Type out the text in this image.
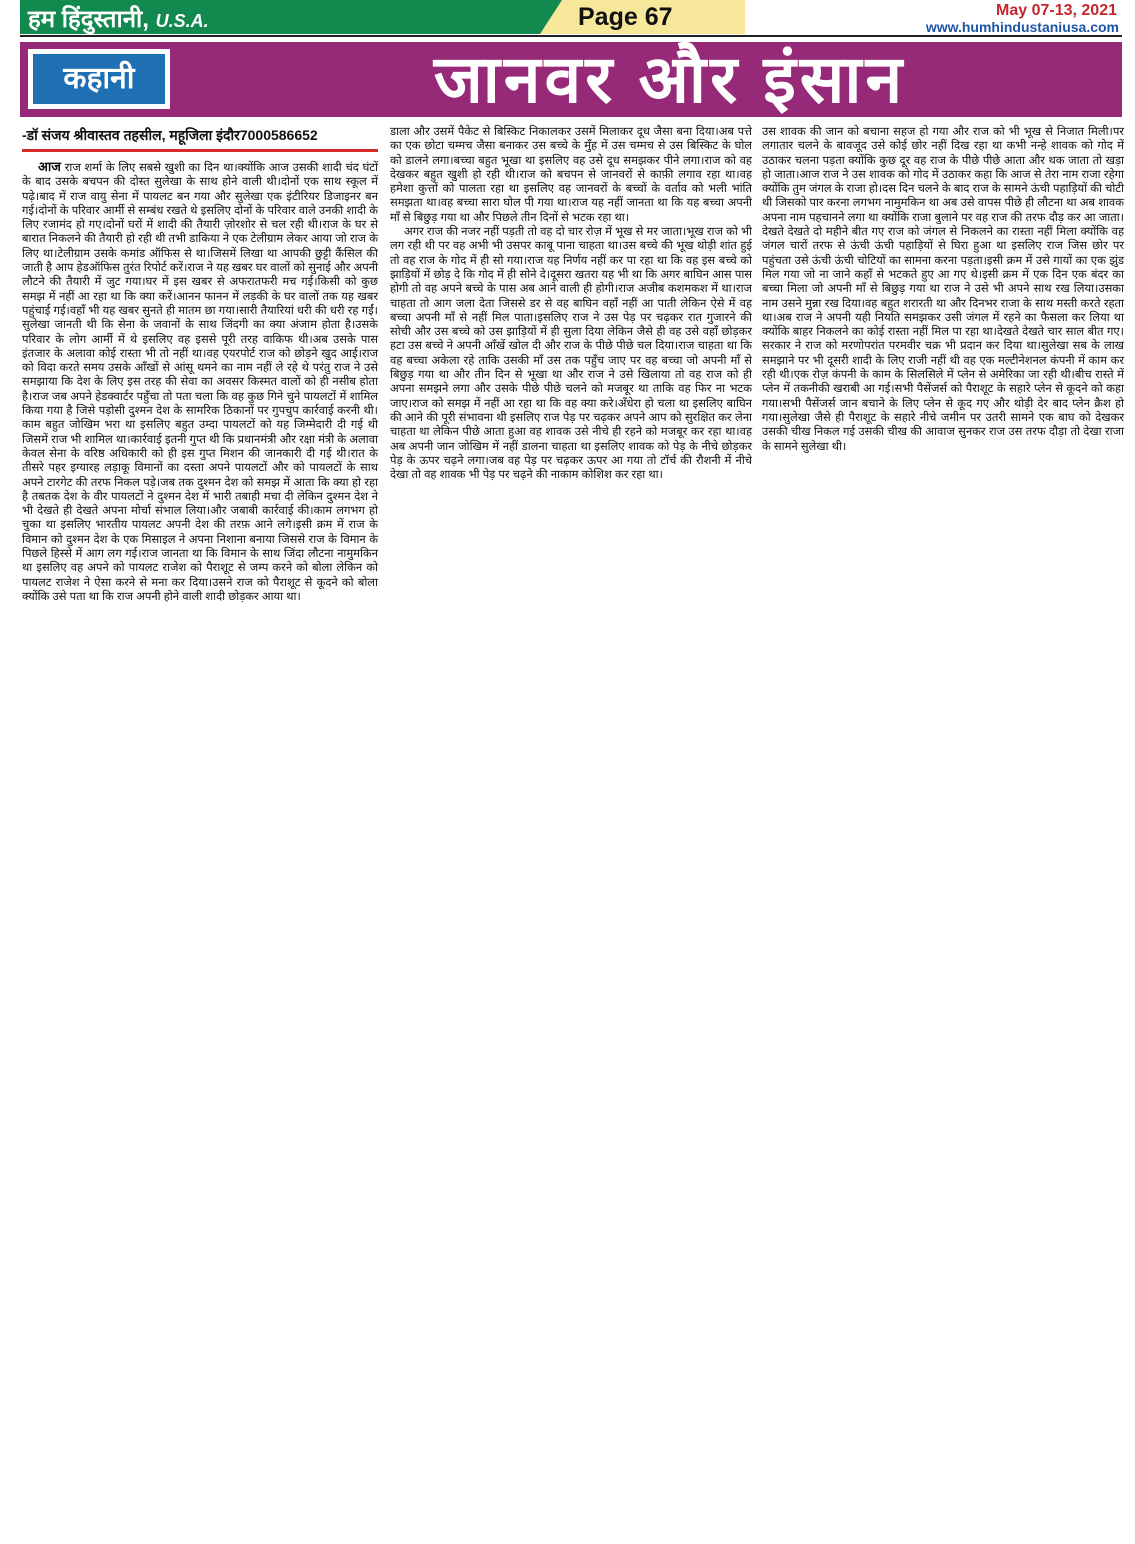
हम हिंदुस्तानी, U.S.A.	Page 67	May 07-13, 2021
www.humhindustaniusa.com
कहानी	जानवर और इंसान
-डॉ संजय श्रीवास्तव तहसील, महूजिला इंदौर7000586652

आज राज शर्मा के लिए सबसे खुशी का दिन था।क्योंकि आज उसकी शादी चंद घंटों के बाद उसके बचपन की दोस्त सुलेखा के साथ होने वाली थी।दोनों एक साथ स्कूल में पढ़े।बाद में राज वायु सेना में पायलट बन गया और सुलेखा एक इंटीरियर डिजाइनर बन गई।दोनों के परिवार आर्मी से सम्बंध रखते थे इसलिए दोनों के परिवार वाले उनकी शादी के लिए रजामंद हो गए।दोनों घरों में शादी की तैयारी ज़ोरशोर से चल रही थी।राज के घर से बारात निकलने की तैयारी हो रही थी तभी डाकिया ने एक टेलीग्राम लेकर आया जो राज के लिए था।टेलीग्राम उसके कमांड ऑफिस से था।जिसमें लिखा था आपकी छुट्टी कैंसिल की जाती है आप हेडऑफिस तुरंत रिपोर्ट करें।राज ने यह खबर घर वालों को सुनाई और अपनी लौटने की तैयारी में जुट गया।घर में इस खबर से अफरातफरी मच गई।किसी को कुछ समझ में नहीं आ रहा था कि क्या करें।आनन फानन में लड़की के घर वालों तक यह खबर पहुंचाई गई।वहाँ भी यह खबर सुनते ही मातम छा गया।सारी तैयारियां धरी की धरी रह गईं।सुलेखा जानती थी कि सेना के जवानों के साथ जिंदगी का क्या अंजाम होता है।उसके परिवार के लोग आर्मी में थे इसलिए वह इससे पूरी तरह वाकिफ थी।अब उसके पास इंतजार के अलावा कोई रास्ता भी तो नहीं था।वह एयरपोर्ट राज को छोड़ने खुद आई।राज को विदा करते समय उसके आँखों से आंसू थमने का नाम नहीं ले रहे थे परंतु राज ने उसे समझाया कि देश के लिए इस तरह की सेवा का अवसर किस्मत वालों को ही नसीब होता है।राज जब अपने हेडक्वार्टर पहुँचा तो पता चला कि वह कुछ गिने चुने पायलटों में शामिल किया गया है जिसे पड़ोसी दुश्मन देश के सामरिक ठिकानों पर गुपचुप कार्रवाई करनी थी।काम बहुत जोखिम भरा था इसलिए बहुत उम्दा पायलटों को यह जिम्मेदारी दी गई थी जिसमें राज भी शामिल था।कार्रवाई इतनी गुप्त थी कि प्रधानमंत्री और रक्षा मंत्री के अलावा केवल सेना के वरिष्ठ अधिकारी को ही इस गुप्त मिशन की जानकारी दी गई थी।रात के तीसरे पहर इग्यारह लड़ाकू विमानों का दस्ता अपने पायलटों और को पायलटों के साथ अपने टारगेट की तरफ निकल पड़े।जब तक दुश्मन देश को समझ में आता कि क्या हो रहा है तबतक देश के वीर पायलटों ने दुश्मन देश में भारी तबाही मचा दी लेकिन दुश्मन देश ने भी देखते ही देखते अपना मोर्चा संभाल लिया।और जबाबी कार्रवाई की।काम लगभग हो चुका था इसलिए भारतीय पायलट अपनी देश की तरफ़ आने लगे।इसी क्रम में राज के विमान को दुश्मन देश के एक मिसाइल ने अपना निशाना बनाया जिससे राज के विमान के पिछले हिस्से में आग लग गई।राज जानता था कि विमान के साथ जिंदा लौटना नामुमकिन था इसलिए वह अपने को पायलट राजेश को पैराशूट से जम्प करने को बोला लेकिन को पायलट राजेश ने ऐसा करने से मना कर दिया।उसने राज को पैराशूट से कूदने को बोला क्योंकि उसे पता था कि राज अपनी होने वाली शादी छोड़कर आया था।

डाला और उसमें पैकेट से बिस्किट निकालकर उसमें मिलाकर दूध जैसा बना दिया।अब पत्ते का एक छोटा चम्मच जैसा बनाकर उस बच्चे के मुँह में उस चम्मच से उस बिस्किट के घोल को डालने लगा।बच्चा बहुत भूखा था इसलिए वह उसे दूध समझकर पीने लगा।राज को वह देखकर बहुत खुशी हो रही थी।राज को बचपन से जानवरों से काफ़ी लगाव रहा था।वह हमेशा कुत्तों को पालता रहा था इसलिए वह जानवरों के बच्चों के वर्ताव को भली भांति समझता था।वह बच्चा सारा घोल पी गया था।राज यह नहीं जानता था कि यह बच्चा अपनी माँ से बिछुड़ गया था और पिछले तीन दिनों से भटक रहा था।

अगर राज की नजर नहीं पड़ती तो वह दो चार रोज़ में भूख से मर जाता।भूख राज को भी लग रही थी पर वह अभी भी उसपर काबू पाना चाहता था।उस बच्चे की भूख थोड़ी शांत हुई तो वह राज के गोद में ही सो गया।राज यह निर्णय नहीं कर पा रहा था कि वह इस बच्चे को झाड़ियों में छोड़ दे कि गोद में ही सोने दे।दूसरा खतरा यह भी था कि अगर बाघिन आस पास होगी तो वह अपने बच्चे के पास अब आने वाली ही होगी।राज अजीब कशमकश में था।राज चाहता तो आग जला देता जिससे डर से वह बाघिन वहाँ नहीं आ पाती लेकिन ऐसे में वह बच्चा अपनी माँ से नहीं मिल पाता।इसलिए राज ने उस पेड़ पर चढ़कर रात गुजारने की सोची और उस बच्चे को उस झाड़ियों में ही सुला दिया लेकिन जैसे ही वह उसे वहाँ छोड़कर हटा उस बच्चे ने अपनी आँखें खोल दी और राज के पीछे पीछे चल दिया।राज चाहता था कि वह बच्चा अकेला रहे ताकि उसकी माँ उस तक पहुँच जाए पर वह बच्चा जो अपनी माँ से बिछुड़ गया था और तीन दिन से भूखा था और राज ने उसे खिलाया तो वह राज को ही अपना समझने लगा और उसके पीछे पीछे चलने को मजबूर था ताकि वह फिर ना भटक जाए।राज को समझ में नहीं आ रहा था कि वह क्या करे।अँधेरा हो चला था इसलिए बाघिन की आने की पूरी संभावना थी इसलिए राज पेड़ पर चढ़कर अपने आप को सुरक्षित कर लेना चाहता था लेकिन पीछे आता हुआ वह शावक उसे नीचे ही रहने को मजबूर कर रहा था।वह अब अपनी जान जोखिम में नहीं डालना चाहता था इसलिए शावक को पेड़ के नीचे छोड़कर पेड़ के ऊपर चढ़ने लगा।जब वह पेड़ पर चढ़कर ऊपर आ गया तो टॉर्च की रौशनी में नीचे देखा तो वह शावक भी पेड़ पर चढ़ने की नाकाम कोशिश कर रहा था।

उस शावक की जान को बचाना सहज हो गया और राज को भी भूख से निजात मिली।पर लगातार चलने के बावजूद उसे कोई छोर नहीं दिख रहा था कभी नन्हे शावक को गोद में उठाकर चलना पड़ता क्योंकि कुछ दूर वह राज के पीछे पीछे आता और थक जाता तो खड़ा हो जाता।आज राज ने उस शावक को गोद में उठाकर कहा कि आज से तेरा नाम राजा रहेगा क्योंकि तुम जंगल के राजा हो।दस दिन चलने के बाद राज के सामने ऊंची पहाड़ियों की चोटी थी जिसको पार करना लगभग नामुमकिन था अब उसे वापस पीछे ही लौटना था अब शावक अपना नाम पहचानने लगा था क्योंकि राजा बुलाने पर वह राज की तरफ दौड़ कर आ जाता।देखते देखते दो महीने बीत गए राज को जंगल से निकलने का रास्ता नहीं मिला क्योंकि वह जंगल चारों तरफ से ऊंची ऊंची पहाड़ियों से घिरा हुआ था इसलिए राज जिस छोर पर पहुंचता उसे ऊंची ऊंची चोटियों का सामना करना पड़ता।इसी क्रम में उसे गायों का एक झुंड मिल गया जो ना जाने कहाँ से भटकते हुए आ गए थे।इसी क्रम में एक दिन एक बंदर का बच्चा मिला जो अपनी माँ से बिछुड़ गया था राज ने उसे भी अपने साथ रख लिया।उसका नाम उसने मुन्ना रख दिया।वह बहुत शरारती था और दिनभर राजा के साथ मस्ती करते रहता था।अब राज ने अपनी यही नियति समझकर उसी जंगल में रहने का फैसला कर लिया था क्योंकि बाहर निकलने का कोई रास्ता नहीं मिल पा रहा था।देखते देखते चार साल बीत गए।सरकार ने राज को मरणोपरांत परमवीर चक्र भी प्रदान कर दिया था।सुलेखा सब के लाख समझाने पर भी दूसरी शादी के लिए राजी नहीं थी वह एक मल्टीनेशनल कंपनी में काम कर रही थी।एक रोज़ कंपनी के काम के सिलसिले में प्लेन से अमेरिका जा रही थी।बीच रास्ते में प्लेन में तकनीकी खराबी आ गई।सभी पैसेंजर्स को पैराशूट के सहारे प्लेन से कूदने को कहा गया।सभी पैसेंजर्स जान बचाने के लिए प्लेन से कूद गए और थोड़ी देर बाद प्लेन क्रैश हो गया।सुलेखा जैसे ही पैराशूट के सहारे नीचे जमीन पर उतरी सामने एक बाघ को देखकर उसकी चीख निकल गई उसकी चीख की आवाज सुनकर राज उस तरफ दौड़ा तो देखा राजा के सामने सुलेखा थी।
